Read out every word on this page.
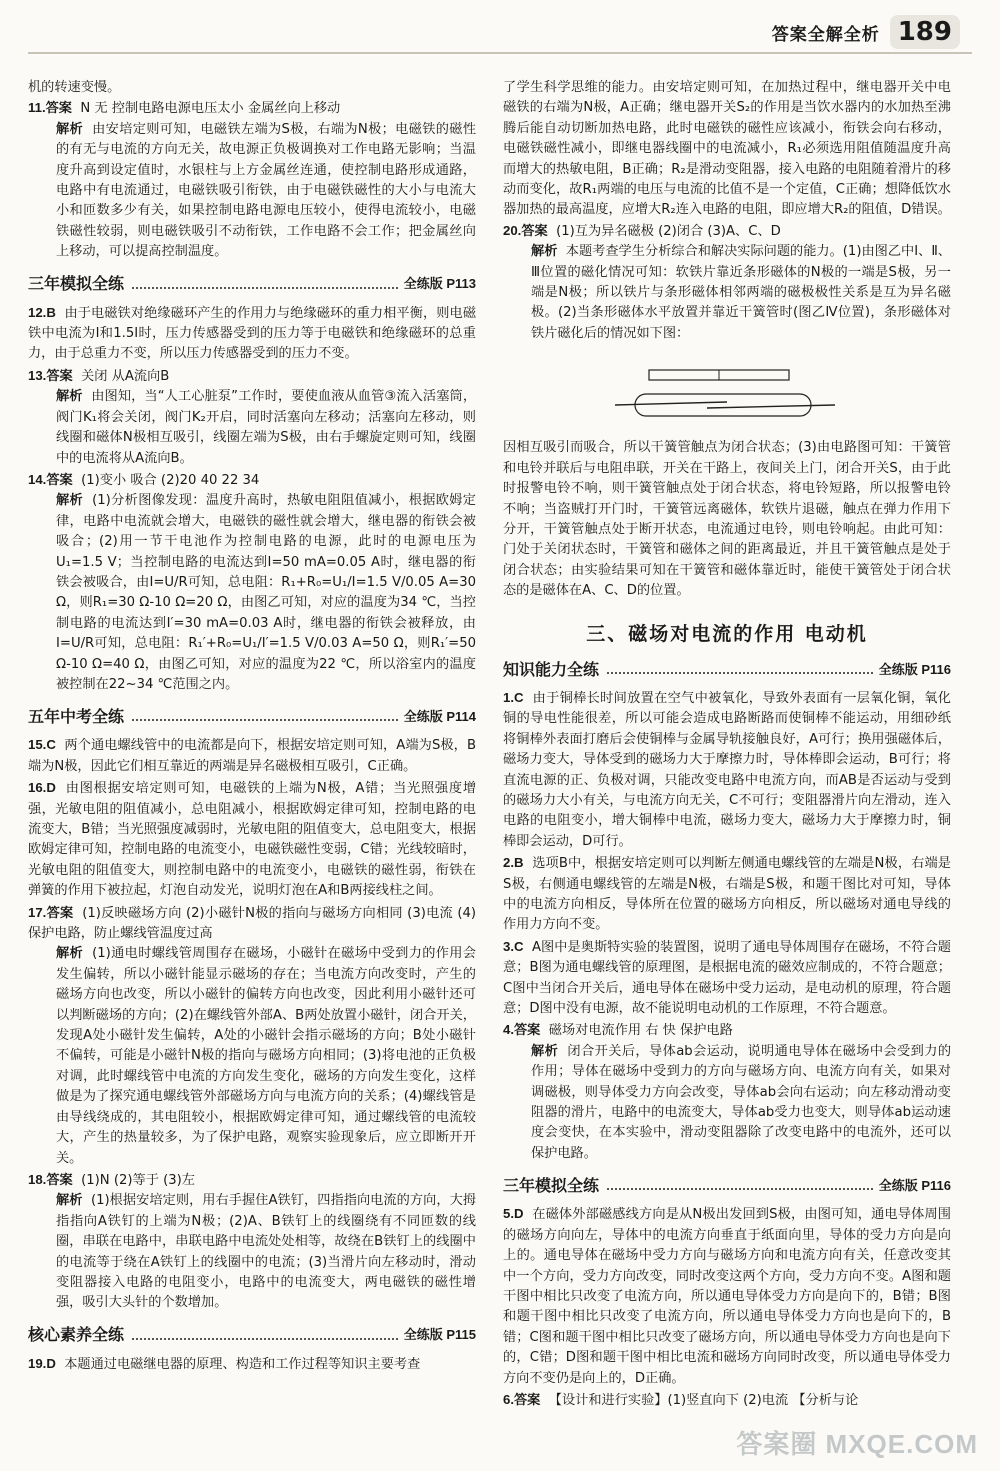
答案全解全析 189

机的转速变慢。

11.答案 N 无 控制电路电源电压太小 金属丝向上移动

解析 由安培定则可知，电磁铁左端为S极，右端为N极；电磁铁的磁性的有无与电流的方向无关，故电源正负极调换对工作电路无影响；当温度升高到设定值时，水银柱与上方金属丝连通，使控制电路形成通路，电路中有电流通过，电磁铁吸引衔铁，由于电磁铁磁性的大小与电流大小和匝数多少有关，如果控制电路电源电压较小，使得电流较小，电磁铁磁性较弱，则电磁铁吸引不动衔铁，工作电路不会工作；把金属丝向上移动，可以提高控制温度。

三年模拟全练	全练版 P113

12.B 由于电磁铁对绝缘磁环产生的作用力与绝缘磁环的重力相平衡，则电磁铁中电流为I和1.5I时，压力传感器受到的压力等于电磁铁和绝缘磁环的总重力，由于总重力不变，所以压力传感器受到的压力不变。

13.答案 关闭 从A流向B

解析 由图知，当“人工心脏泵”工作时，要使血液从血管③流入活塞筒，阀门K₁将会关闭，阀门K₂开启，同时活塞向左移动；活塞向左移动，则线圈和磁体N极相互吸引，线圈左端为S极，由右手螺旋定则可知，线圈中的电流将从A流向B。

14.答案 (1)变小 吸合 (2)20 40 22 34

解析 (1)分析图像发现：温度升高时，热敏电阻阻值减小，根据欧姆定律，电路中电流就会增大，电磁铁的磁性就会增大，继电器的衔铁会被吸合；(2)用一节干电池作为控制电路的电源，此时的电源电压为U₁=1.5 V；当控制电路的电流达到I=50 mA=0.05 A时，继电器的衔铁会被吸合，由I=U/R可知，总电阻：R₁+R₀=U₁/I=1.5 V/0.05 A=30 Ω，则R₁=30 Ω-10 Ω=20 Ω，由图乙可知，对应的温度为34 ℃，当控制电路的电流达到I′=30 mA=0.03 A时，继电器的衔铁会被释放，由I=U/R可知，总电阻：R₁′+R₀=U₁/I′=1.5 V/0.03 A=50 Ω，则R₁′=50 Ω-10 Ω=40 Ω，由图乙可知，对应的温度为22 ℃，所以浴室内的温度被控制在22~34 ℃范围之内。

五年中考全练	全练版 P114

15.C 两个通电螺线管中的电流都是向下，根据安培定则可知，A端为S极，B端为N极，因此它们相互靠近的两端是异名磁极相互吸引，C正确。

16.D 由图根据安培定则可知，电磁铁的上端为N极，A错；当光照强度增强，光敏电阻的阻值减小，总电阻减小，根据欧姆定律可知，控制电路的电流变大，B错；当光照强度减弱时，光敏电阻的阻值变大，总电阻变大，根据欧姆定律可知，控制电路的电流变小，电磁铁磁性变弱，C错；光线较暗时，光敏电阻的阻值变大，则控制电路中的电流变小，电磁铁的磁性弱，衔铁在弹簧的作用下被拉起，灯泡自动发光，说明灯泡在A和B两接线柱之间。

17.答案 (1)反映磁场方向 (2)小磁针N极的指向与磁场方向相同 (3)电流 (4)保护电路，防止螺线管温度过高

解析 (1)通电时螺线管周围存在磁场，小磁针在磁场中受到力的作用会发生偏转，所以小磁针能显示磁场的存在；当电流方向改变时，产生的磁场方向也改变，所以小磁针的偏转方向也改变，因此利用小磁针还可以判断磁场的方向；(2)在螺线管外部A、B两处放置小磁针，闭合开关，发现A处小磁针发生偏转，A处的小磁针会指示磁场的方向；B处小磁针不偏转，可能是小磁针N极的指向与磁场方向相同；(3)将电池的正负极对调，此时螺线管中电流的方向发生变化，磁场的方向发生变化，这样做是为了探究通电螺线管外部磁场方向与电流方向的关系；(4)螺线管是由导线绕成的，其电阻较小，根据欧姆定律可知，通过螺线管的电流较大，产生的热量较多，为了保护电路，观察实验现象后，应立即断开开关。

18.答案 (1)N (2)等于 (3)左

解析 (1)根据安培定则，用右手握住A铁钉，四指指向电流的方向，大拇指指向A铁钉的上端为N极；(2)A、B铁钉上的线圈绕有不同匝数的线圈，串联在电路中，串联电路中电流处处相等，故绕在B铁钉上的线圈中的电流等于绕在A铁钉上的线圈中的电流；(3)当滑片向左移动时，滑动变阻器接入电路的电阻变小，电路中的电流变大，两电磁铁的磁性增强，吸引大头针的个数增加。

核心素养全练	全练版 P115

19.D 本题通过电磁继电器的原理、构造和工作过程等知识主要考查

了学生科学思维的能力。由安培定则可知，在加热过程中，继电器开关中电磁铁的右端为N极，A正确；继电器开关S₂的作用是当饮水器内的水加热至沸腾后能自动切断加热电路，此时电磁铁的磁性应该减小，衔铁会向右移动，电磁铁磁性减小，即继电器线圈中的电流减小，R₁必须选用阻值随温度升高而增大的热敏电阻，B正确；R₂是滑动变阻器，接入电路的电阻随着滑片的移动而变化，故R₁两端的电压与电流的比值不是一个定值，C正确；想降低饮水器加热的最高温度，应增大R₂连入电路的电阻，即应增大R₂的阻值，D错误。

20.答案 (1)互为异名磁极 (2)闭合 (3)A、C、D

解析 本题考查学生分析综合和解决实际问题的能力。(1)由图乙中Ⅰ、Ⅱ、Ⅲ位置的磁化情况可知：软铁片靠近条形磁体的N极的一端是S极，另一端是N极；所以铁片与条形磁体相邻两端的磁极极性关系是互为异名磁极。(2)当条形磁体水平放置并靠近干簧管时(图乙Ⅳ位置)，条形磁体对铁片磁化后的情况如下图：

因相互吸引而吸合，所以干簧管触点为闭合状态；(3)由电路图可知：干簧管和电铃并联后与电阻串联，开关在干路上，夜间关上门，闭合开关S，由于此时报警电铃不响，则干簧管触点处于闭合状态，将电铃短路，所以报警电铃不响；当盗贼打开门时，干簧管远离磁体，软铁片退磁，触点在弹力作用下分开，干簧管触点处于断开状态，电流通过电铃，则电铃响起。由此可知：门处于关闭状态时，干簧管和磁体之间的距离最近，并且干簧管触点是处于闭合状态；由实验结果可知在干簧管和磁体靠近时，能使干簧管处于闭合状态的是磁体在A、C、D的位置。

三、磁场对电流的作用 电动机
知识能力全练	全练版 P116

1.C 由于铜棒长时间放置在空气中被氧化，导致外表面有一层氧化铜，氧化铜的导电性能很差，所以可能会造成电路断路而使铜棒不能运动，用细砂纸将铜棒外表面打磨后会使铜棒与金属导轨接触良好，A可行；换用强磁体后，磁场力变大，导体受到的磁场力大于摩擦力时，导体棒即会运动，B可行；将直流电源的正、负极对调，只能改变电路中电流方向，而AB是否运动与受到的磁场力大小有关，与电流方向无关，C不可行；变阻器滑片向左滑动，连入电路的电阻变小，增大铜棒中电流，磁场力变大，磁场力大于摩擦力时，铜棒即会运动，D可行。

2.B 选项B中，根据安培定则可以判断左侧通电螺线管的左端是N极，右端是S极，右侧通电螺线管的左端是N极，右端是S极，和题干图比对可知，导体中的电流方向相反，导体所在位置的磁场方向相反，所以磁场对通电导线的作用力方向不变。

3.C A图中是奥斯特实验的装置图，说明了通电导体周围存在磁场，不符合题意；B图为通电螺线管的原理图，是根据电流的磁效应制成的，不符合题意；C图中当闭合开关后，通电导体在磁场中受力运动，是电动机的原理，符合题意；D图中没有电源，故不能说明电动机的工作原理，不符合题意。

4.答案 磁场对电流作用 右 快 保护电路

解析 闭合开关后，导体ab会运动，说明通电导体在磁场中会受到力的作用；导体在磁场中受到力的方向与磁场方向、电流方向有关，如果对调磁极，则导体受力方向会改变，导体ab会向右运动；向左移动滑动变阻器的滑片，电路中的电流变大，导体ab受力也变大，则导体ab运动速度会变快，在本实验中，滑动变阻器除了改变电路中的电流外，还可以保护电路。

三年模拟全练	全练版 P116

5.D 在磁体外部磁感线方向是从N极出发回到S极，由图可知，通电导体周围的磁场方向向左，导体中的电流方向垂直于纸面向里，导体的受力方向是向上的。通电导体在磁场中受力方向与磁场方向和电流方向有关，任意改变其中一个方向，受力方向改变，同时改变这两个方向，受力方向不变。A图和题干图中相比只改变了电流方向，所以通电导体受力方向是向下的，B错；B图和题干图中相比只改变了电流方向，所以通电导体受力方向也是向下的，B错；C图和题干图中相比只改变了磁场方向，所以通电导体受力方向也是向下的，C错；D图和题干图中相比电流和磁场方向同时改变，所以通电导体受力方向不变仍是向上的，D正确。

6.答案 【设计和进行实验】(1)竖直向下 (2)电流 【分析与论

答案圈 MXQE.COM
